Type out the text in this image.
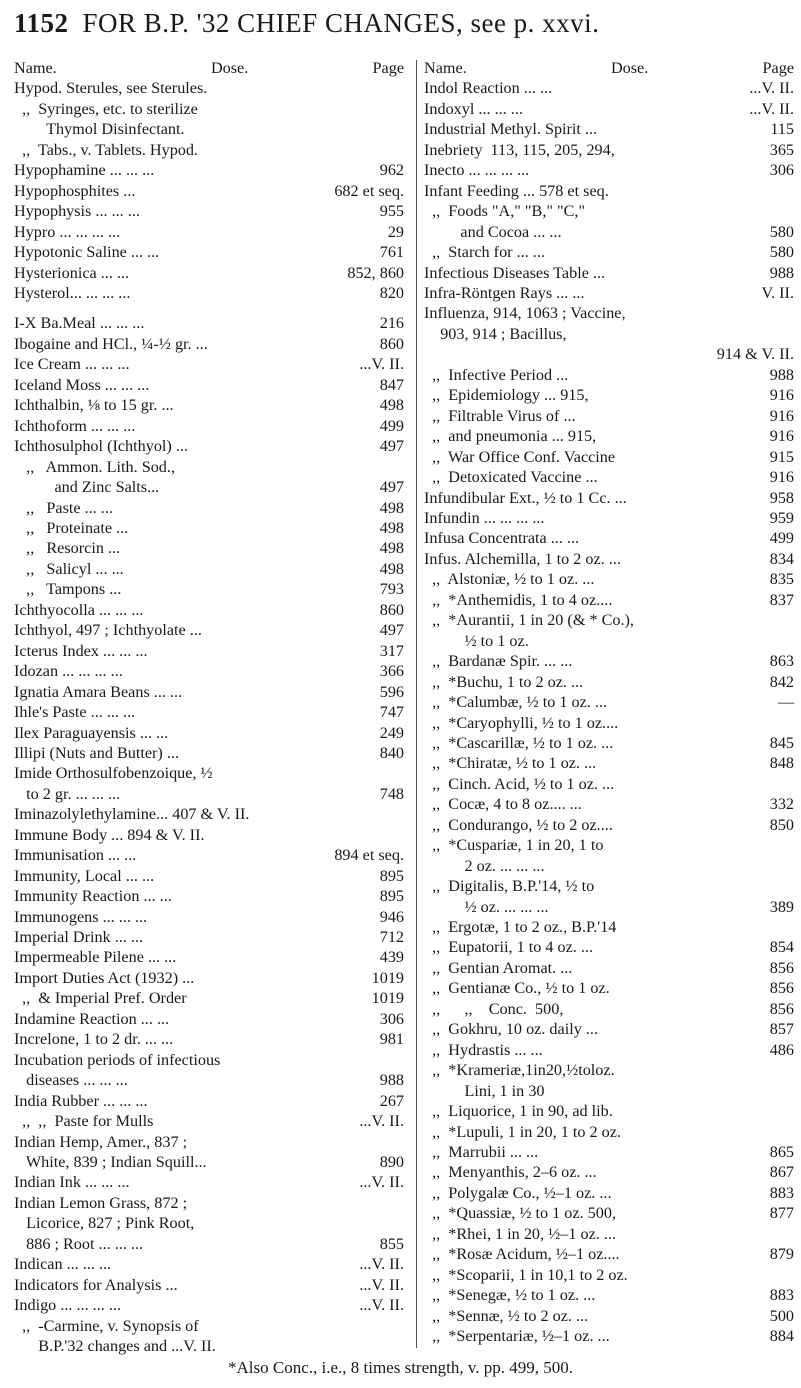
1152 FOR B.P. '32 CHIEF CHANGES, see p. xxvi.
Name.	Dose.	Page
Hypod. Sterules, see Sterules.
,,  Syringes, etc. to sterilize
Thymol Disinfectant.
,,  Tabs., v. Tablets. Hypod.
Hypophamine ... ... ...	962
Hypophosphites ...	682 et seq.
Hypophysis ... ... ...	955
Hypro ... ... ... ...	29
Hypotonic Saline ... ...	761
Hysterionica ... ...	852, 860
Hysterol... ... ... ...	820
I-X Ba.Meal ... ... ...	216
Ibogaine and HCl., ¼-½ gr. ...	860
Ice Cream ... ... ...	...V. II.
Iceland Moss ... ... ...	847
Ichthalbin, ⅛ to 15 gr. ...	498
Ichthoform ... ... ...	499
Ichthosulphol (Ichthyol) ...	497
,,   Ammon. Lith. Sod.,
and Zinc Salts...	497
,,   Paste ... ...	498
,,   Proteinate ...	498
,,   Resorcin ...	498
,,   Salicyl ... ...	498
,,   Tampons ...	793
Ichthyocolla ... ... ...	860
Ichthyol, 497 ; Ichthyolate ...	497
Icterus Index ... ... ...	317
Idozan ... ... ... ...	366
Ignatia Amara Beans ... ...	596
Ihle's Paste ... ... ...	747
Ilex Paraguayensis ... ...	249
Illipi (Nuts and Butter) ...	840
Imide Orthosulfobenzoique, ½
to 2 gr. ... ... ...	748
Iminazolylethylamine... 407 & V. II.
Immune Body ... 894 & V. II.
Immunisation ... ...	894 et seq.
Immunity, Local ... ...	895
Immunity Reaction ... ...	895
Immunogens ... ... ...	946
Imperial Drink ... ...	712
Impermeable Pilene ... ...	439
Import Duties Act (1932) ...	1019
,,  & Imperial Pref. Order	1019
Indamine Reaction ... ...	306
Increlone, 1 to 2 dr. ... ...	981
Incubation periods of infectious
diseases ... ... ...	988
India Rubber ... ... ...	267
,,  ,,  Paste for Mulls	...V. II.
Indian Hemp, Amer., 837 ;
White, 839 ; Indian Squill...	890
Indian Ink ... ... ...	...V. II.
Indian Lemon Grass, 872 ;
Licorice, 827 ; Pink Root,
886 ; Root ... ... ...	855
Indican ... ... ...	...V. II.
Indicators for Analysis ...	...V. II.
Indigo ... ... ... ...	...V. II.
,,  -Carmine, v. Synopsis of
B.P.'32 changes and ...V. II.
Name.	Dose.	Page
Indol Reaction ... ...	...V. II.
Indoxyl ... ... ...	...V. II.
Industrial Methyl. Spirit ...	115
Inebriety  113, 115, 205, 294,	365
Inecto ... ... ... ...	306
Infant Feeding ... 578 et seq.
,,  Foods "A," "B," "C,"
and Cocoa ... ...	580
,,  Starch for ... ...	580
Infectious Diseases Table ...	988
Infra-Röntgen Rays ... ...	V. II.
Influenza, 914, 1063 ; Vaccine,
903, 914 ; Bacillus,
914 & V. II.
,,  Infective Period ...	988
,,  Epidemiology ... 915,	916
,,  Filtrable Virus of ...	916
,,  and pneumonia ... 915,	916
,,  War Office Conf. Vaccine	915
,,  Detoxicated Vaccine ...	916
Infundibular Ext., ½ to 1 Cc. ...	958
Infundin ... ... ... ...	959
Infusa Concentrata ... ...	499
Infus. Alchemilla, 1 to 2 oz. ...	834
,,  Alstoniæ, ½ to 1 oz. ...	835
,,  *Anthemidis, 1 to 4 oz....	837
,,  *Aurantii, 1 in 20 (& * Co.),
½ to 1 oz.
,,  Bardanæ Spir. ... ...	863
,,  *Buchu, 1 to 2 oz. ...	842
,,  *Calumbæ, ½ to 1 oz. ...	—
,,  *Caryophylli, ½ to 1 oz....
,,  *Cascarillæ, ½ to 1 oz. ...	845
,,  *Chiratæ, ½ to 1 oz. ...	848
,,  Cinch. Acid, ½ to 1 oz. ...
,,  Cocæ, 4 to 8 oz.... ...	332
,,  Condurango, ½ to 2 oz....	850
,,  *Cuspariæ, 1 in 20, 1 to
2 oz. ... ... ...
,,  Digitalis, B.P.'14, ½ to
½ oz. ... ... ...	389
,,  Ergotæ, 1 to 2 oz., B.P.'14
,,  Eupatorii, 1 to 4 oz. ...	854
,,  Gentian Aromat. ...	856
,,  Gentianæ Co., ½ to 1 oz.	856
,,      ,,    Conc.  500,	856
,,  Gokhru, 10 oz. daily ...	857
,,  Hydrastis ... ...	486
,,  *Krameriæ,1in20,½toloz.
Lini, 1 in 30
,,  Liquorice, 1 in 90, ad lib.
,,  *Lupuli, 1 in 20, 1 to 2 oz.
,,  Marrubii ... ...	865
,,  Menyanthis, 2–6 oz. ...	867
,,  Polygalæ Co., ½–1 oz. ...	883
,,  *Quassiæ, ½ to 1 oz. 500,	877
,,  *Rhei, 1 in 20, ½–1 oz. ...
,,  *Rosæ Acidum, ½–1 oz....	879
,,  *Scoparii, 1 in 10,1 to 2 oz.
,,  *Senegæ, ½ to 1 oz. ...	883
,,  *Sennæ, ½ to 2 oz. ...	500
,,  *Serpentariæ, ½–1 oz. ...	884
*Also Conc., i.e., 8 times strength, v. pp. 499, 500.
